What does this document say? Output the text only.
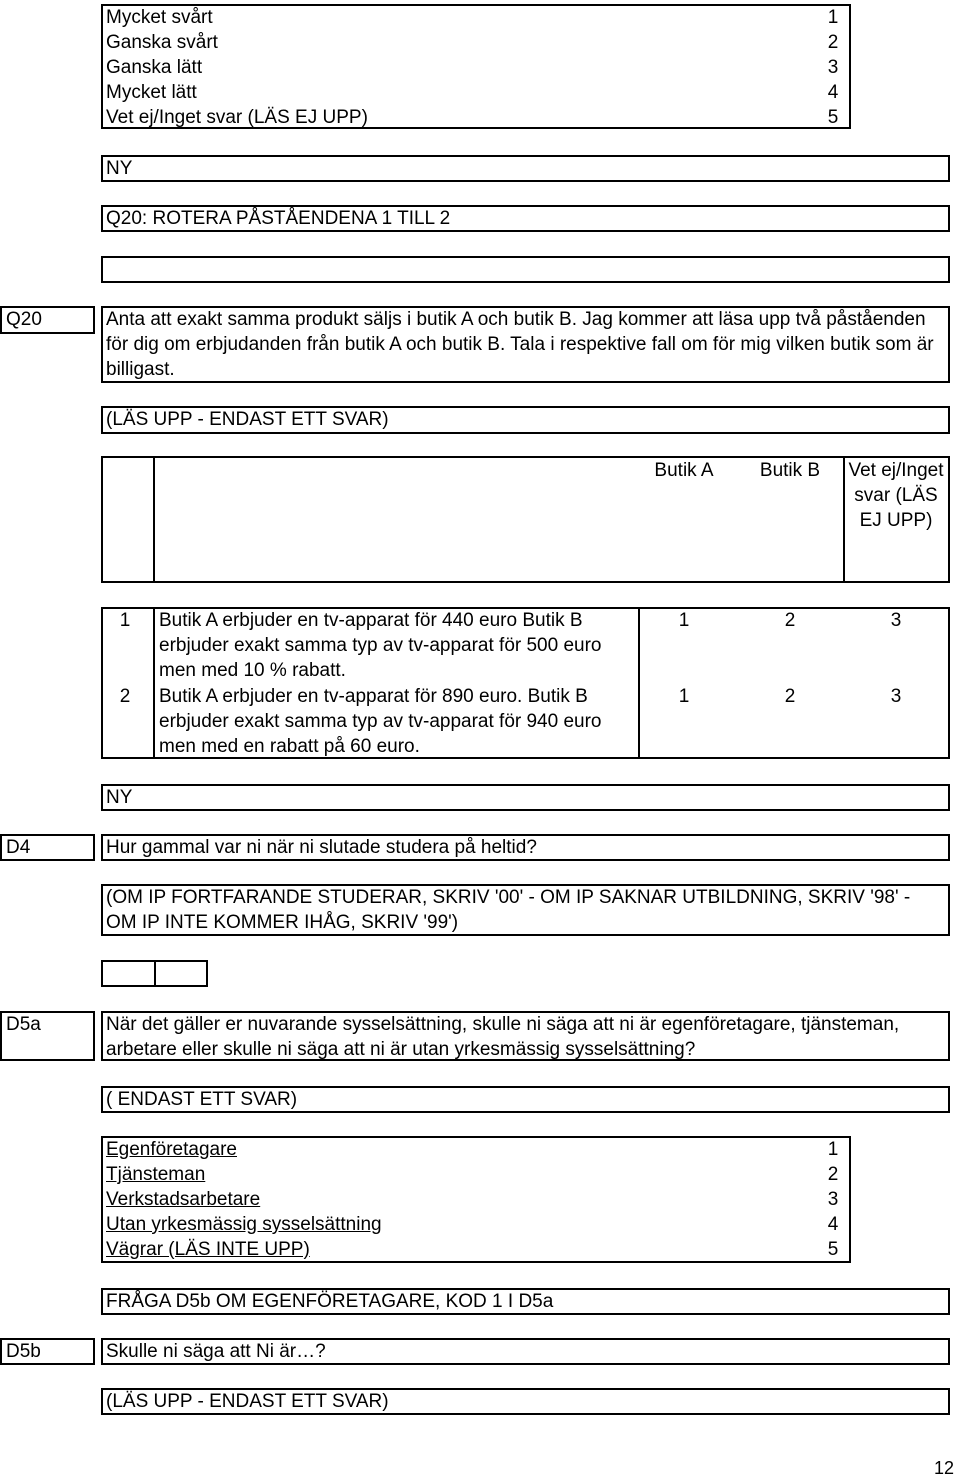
Mycket svårt	1
Ganska svårt	2
Ganska lätt	3
Mycket lätt	4
Vet ej/Inget svar (LÄS EJ UPP)	5
NY
Q20: ROTERA PÅSTÅENDENA 1 TILL 2
Q20	Anta att exakt samma produkt säljs i butik A och butik B. Jag kommer att läsa upp två påståenden för dig om erbjudanden från butik A och butik B. Tala i respektive fall om för mig vilken butik som är billigast.
(LÄS UPP - ENDAST ETT SVAR)
Butik A	Butik B	Vet ej/Inget svar (LÄS EJ UPP)
1 Butik A erbjuder en tv-apparat för 440 euro Butik B erbjuder exakt samma typ av tv-apparat för 500 euro men med 10 % rabatt.
1	2	3
2 Butik A erbjuder en tv-apparat för 890 euro. Butik B erbjuder exakt samma typ av tv-apparat för 940 euro men med en rabatt på 60 euro.
1	2	3
NY
D4	Hur gammal var ni när ni slutade studera på heltid?
(OM IP FORTFARANDE STUDERAR, SKRIV '00' - OM IP SAKNAR UTBILDNING, SKRIV '98' - OM IP INTE KOMMER IHÅG, SKRIV '99')
D5a	När det gäller er nuvarande sysselsättning, skulle ni säga att ni är egenföretagare, tjänsteman, arbetare eller skulle ni säga att ni är utan yrkesmässig sysselsättning?
( ENDAST ETT SVAR)
Egenföretagare	1
Tjänsteman	2
Verkstadsarbetare	3
Utan yrkesmässig sysselsättning	4
Vägrar (LÄS INTE UPP)	5
FRÅGA D5b OM EGENFÖRETAGARE, KOD 1 I D5a
D5b	Skulle ni säga att Ni är…?
(LÄS UPP - ENDAST ETT SVAR)
12
